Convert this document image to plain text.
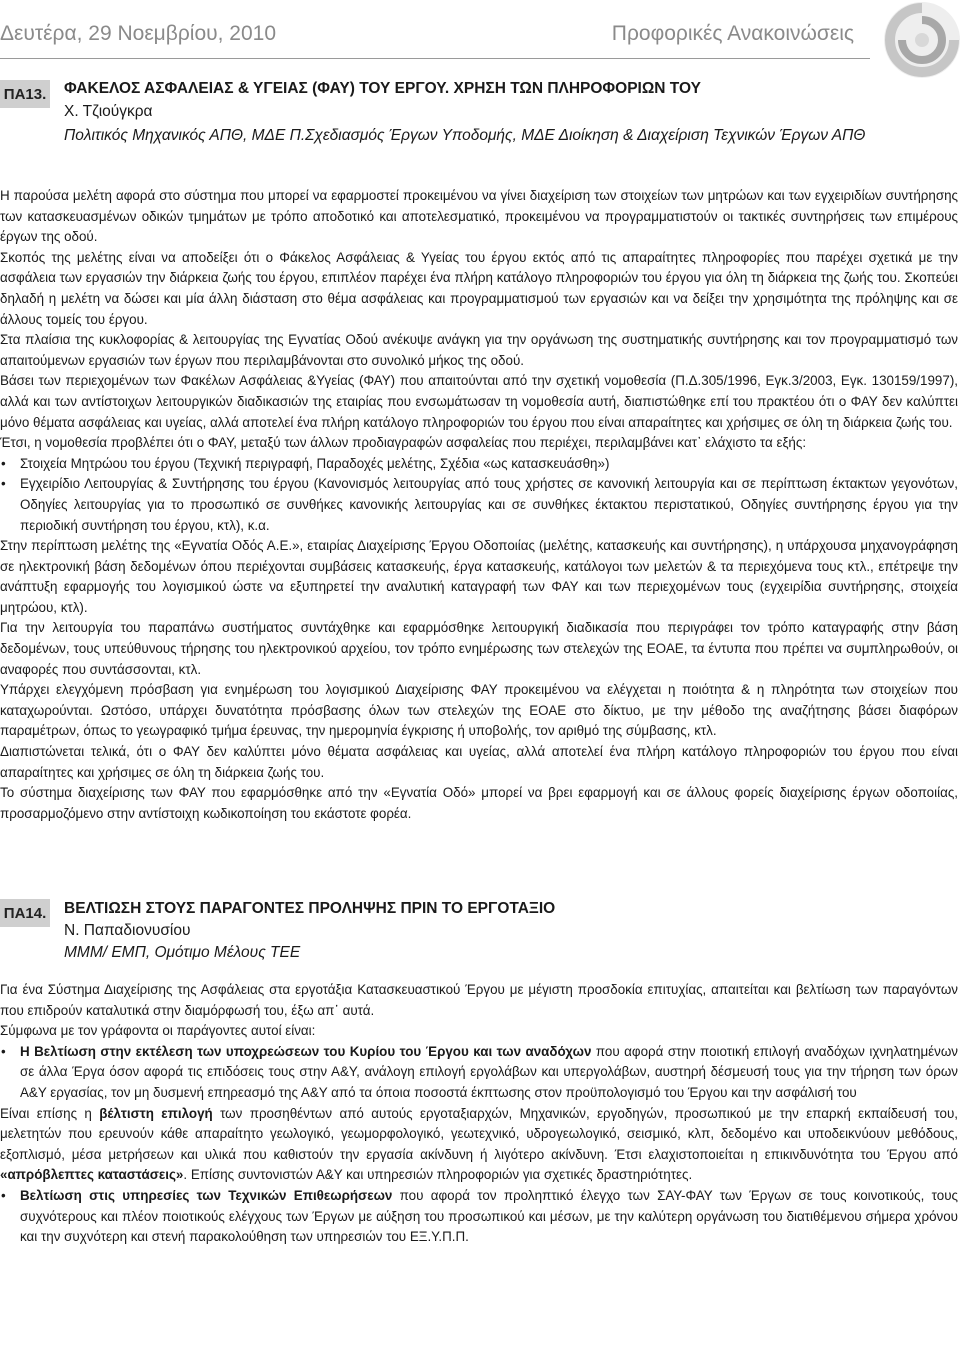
Δευτέρα, 29 Νοεμβρίου, 2010	Προφορικές Ανακοινώσεις
ΠΑ13. ΦΑΚΕΛΟΣ ΑΣΦΑΛΕΙΑΣ & ΥΓΕΙΑΣ (ΦΑΥ) ΤΟΥ ΕΡΓΟΥ. ΧΡΗΣΗ ΤΩΝ ΠΛΗΡΟΦΟΡΙΩΝ ΤΟΥ
Χ. Τζιούγκρα
Πολιτικός Μηχανικός ΑΠΘ, ΜΔΕ Π.Σχεδιασμός Έργων Υποδομής, ΜΔΕ Διοίκηση & Διαχείριση Τεχνικών Έργων ΑΠΘ

Η παρούσα μελέτη αφορά στο σύστημα που μπορεί να εφαρμοστεί προκειμένου να γίνει διαχείριση των στοιχείων των μητρώων και των εγχειριδίων συντήρησης των κατασκευασμένων οδικών τμημάτων με τρόπο αποδοτικό και αποτελεσματικό, προκειμένου να προγραμματιστούν οι τακτικές συντηρήσεις των επιμέρους έργων της οδού.

Σκοπός της μελέτης είναι να αποδείξει ότι ο Φάκελος Ασφάλειας & Υγείας του έργου εκτός από τις απαραίτητες πληροφορίες που παρέχει σχετικά με την ασφάλεια των εργασιών την διάρκεια ζωής του έργου, επιπλέον παρέχει ένα πλήρη κατάλογο πληροφοριών του έργου για όλη τη διάρκεια της ζωής του. Σκοπεύει δηλαδή η μελέτη να δώσει και μία άλλη διάσταση στο θέμα ασφάλειας και προγραμματισμού των εργασιών και να δείξει την χρησιμότητα της πρόληψης και σε άλλους τομείς του έργου.

Στα πλαίσια της κυκλοφορίας & λειτουργίας της Εγνατίας Οδού ανέκυψε ανάγκη για την οργάνωση της συστηματικής συντήρησης και τον προγραμματισμό των απαιτούμενων εργασιών των έργων που περιλαμβάνονται στο συνολικό μήκος της οδού.

Βάσει των περιεχομένων των Φακέλων Ασφάλειας &Υγείας (ΦΑΥ) που απαιτούνται από την σχετική νομοθεσία (Π.Δ.305/1996, Εγκ.3/2003, Εγκ. 130159/1997), αλλά και των αντίστοιχων λειτουργικών διαδικασιών της εταιρίας που ενσωμάτωσαν τη νομοθεσία αυτή, διαπιστώθηκε επί του πρακτέου ότι ο ΦΑΥ δεν καλύπτει μόνο θέματα ασφάλειας και υγείας, αλλά αποτελεί ένα πλήρη κατάλογο πληροφοριών του έργου που είναι απαραίτητες και χρήσιμες σε όλη τη διάρκεια ζωής του.

Έτσι, η νομοθεσία προβλέπει ότι ο ΦΑΥ, μεταξύ των άλλων προδιαγραφών ασφαλείας που περιέχει, περιλαμβάνει κατ᾽ ελάχιστο τα εξής:

• Στοιχεία Μητρώου του έργου (Τεχνική περιγραφή, Παραδοχές μελέτης, Σχέδια «ως κατασκευάσθη»)
• Εγχειρίδιο Λειτουργίας & Συντήρησης του έργου (Κανονισμός λειτουργίας από τους χρήστες σε κανονική λειτουργία και σε περίπτωση έκτακτων γεγονότων, Οδηγίες λειτουργίας για το προσωπικό σε συνθήκες κανονικής λειτουργίας και σε συνθήκες έκτακτου περιστατικού, Οδηγίες συντήρησης έργου για την περιοδική συντήρηση του έργου, κτλ), κ.α.

Στην περίπτωση μελέτης της «Εγνατία Οδός Α.Ε.», εταιρίας Διαχείρισης Έργου Οδοποιίας (μελέτης, κατασκευής και συντήρησης), η υπάρχουσα μηχανογράφηση σε ηλεκτρονική βάση δεδομένων όπου περιέχονται συμβάσεις κατασκευής, έργα κατασκευής, κατάλογοι των μελετών & τα περιεχόμενα τους κτλ., επέτρεψε την ανάπτυξη εφαρμογής του λογισμικού ώστε να εξυπηρετεί την αναλυτική καταγραφή των ΦΑΥ και των περιεχομένων τους (εγχειρίδια συντήρησης, στοιχεία μητρώου, κτλ).

Για την λειτουργία του παραπάνω συστήματος συντάχθηκε και εφαρμόσθηκε λειτουργική διαδικασία που περιγράφει τον τρόπο καταγραφής στην βάση δεδομένων, τους υπεύθυνους τήρησης του ηλεκτρονικού αρχείου, τον τρόπο ενημέρωσης των στελεχών της ΕΟΑΕ, τα έντυπα που πρέπει να συμπληρωθούν, οι αναφορές που συντάσσονται, κτλ.

Υπάρχει ελεγχόμενη πρόσβαση για ενημέρωση του λογισμικού Διαχείρισης ΦΑΥ προκειμένου να ελέγχεται η ποιότητα & η πληρότητα των στοιχείων που καταχωρούνται. Ωστόσο, υπάρχει δυνατότητα πρόσβασης όλων των στελεχών της ΕΟΑΕ στο δίκτυο, με την μέθοδο της αναζήτησης βάσει διαφόρων παραμέτρων, όπως το γεωγραφικό τμήμα έρευνας, την ημερομηνία έγκρισης ή υποβολής, τον αριθμό της σύμβασης, κτλ.

Διαπιστώνεται τελικά, ότι ο ΦΑΥ δεν καλύπτει μόνο θέματα ασφάλειας και υγείας, αλλά αποτελεί ένα πλήρη κατάλογο πληροφοριών του έργου που είναι απαραίτητες και χρήσιμες σε όλη τη διάρκεια ζωής του.

Το σύστημα διαχείρισης των ΦΑΥ που εφαρμόσθηκε από την «Εγνατία Οδό» μπορεί να βρει εφαρμογή και σε άλλους φορείς διαχείρισης έργων οδοποιίας, προσαρμοζόμενο στην αντίστοιχη κωδικοποίηση του εκάστοτε φορέα.

ΠΑ14. ΒΕΛΤΙΩΣΗ ΣΤΟΥΣ ΠΑΡΑΓΟΝΤΕΣ ΠΡΟΛΗΨΗΣ ΠΡΙΝ ΤΟ ΕΡΓΟΤΑΞΙΟ
Ν. Παπαδιονυσίου
ΜΜΜ/ ΕΜΠ, Ομότιμο Μέλους ΤΕΕ

Για ένα Σύστημα Διαχείρισης της Ασφάλειας στα εργοτάξια Κατασκευαστικού Έργου με μέγιστη προσδοκία επιτυχίας, απαιτείται και βελτίωση των παραγόντων που επιδρούν καταλυτικά στην διαμόρφωσή του, έξω απ᾽ αυτά.

Σύμφωνα με τον γράφοντα οι παράγοντες αυτοί είναι:

• Η Βελτίωση στην εκτέλεση των υποχρεώσεων του Κυρίου του Έργου και των αναδόχων που αφορά στην ποιοτική επιλογή αναδόχων ιχνηλατημένων σε άλλα Έργα όσον αφορά τις επιδόσεις τους στην Α&Υ, ανάλογη επιλογή εργολάβων και υπεργολάβων, αυστηρή δέσμευσή τους για την τήρηση των όρων Α&Υ εργασίας, τον μη δυσμενή επηρεασμό της Α&Υ από τα όποια ποσοστά έκπτωσης στον προϋπολογισμό του Έργου και την ασφάλισή του

Είναι επίσης η βέλτιστη επιλογή των προσηθέντων από αυτούς εργοταξιαρχών, Μηχανικών, εργοδηγών, προσωπικού με την επαρκή εκπαίδευσή του, μελετητών που ερευνούν κάθε απαραίτητο γεωλογικό, γεωμορφολογικό, γεωτεχνικό, υδρογεωλογικό, σεισμικό, κλπ, δεδομένο και υποδεικνύουν μεθόδους, εξοπλισμό, μέσα μετρήσεων και υλικά που καθιστούν την εργασία ακίνδυνη ή λιγότερο ακίνδυνη. Έτσι ελαχιστοποιείται η επικινδυνότητα του Έργου από «απρόβλεπτες καταστάσεις». Επίσης συντονιστών Α&Υ και υπηρεσιών πληροφοριών για σχετικές δραστηριότητες.

• Βελτίωση στις υπηρεσίες των Τεχνικών Επιθεωρήσεων που αφορά τον προληπτικό έλεγχο των ΣΑΥ-ΦΑΥ των Έργων σε τους κοινοτικούς, τους συχνότερους και πλέον ποιοτικούς ελέγχους των Έργων με αύξηση του προσωπικού και μέσων, με την καλύτερη οργάνωση του διατιθέμενου σήμερα χρόνου και την συχνότερη και στενή παρακολούθηση των υπηρεσιών του ΕΞ.Υ.Π.Π.
